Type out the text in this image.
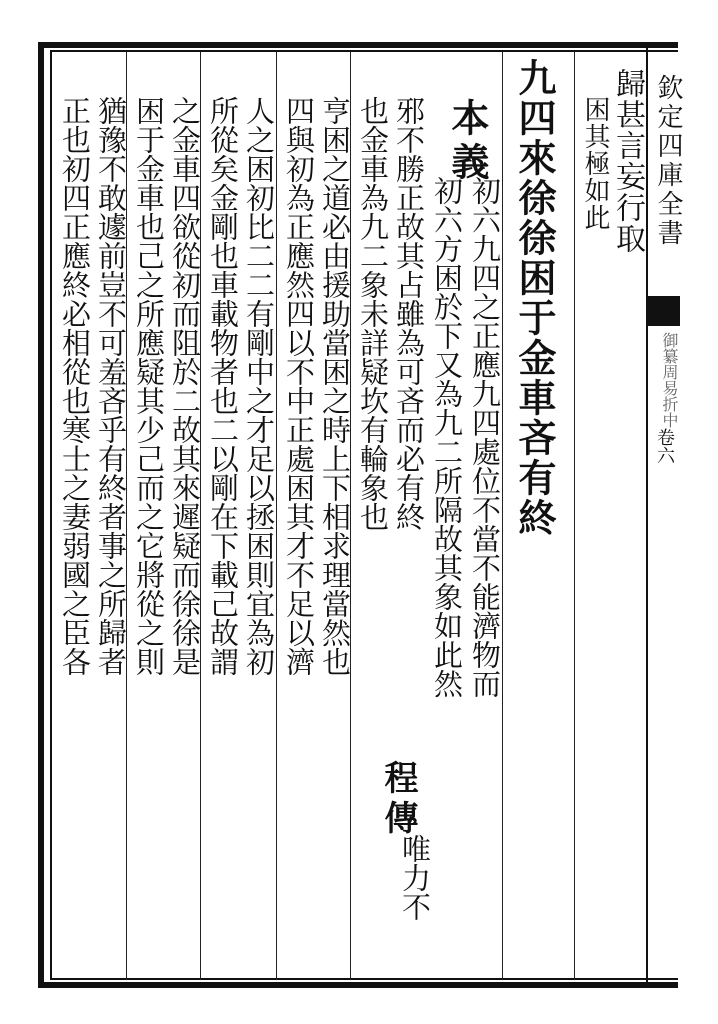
欽定四庫全書
御纂周易折中
卷六
歸甚言妄行取
困其極如此
九四來徐徐困于金車吝有終
初六九四之正應九四處位不當不能濟物而
初六方困於下又為九二所隔故其象如此然
邪不勝正故其占雖為可吝而必有終
也金車為九二象未詳疑坎有輪象也
亨困之道必由援助當困之時上下相求理當然也
四與初為正應然四以不中正處困其才不足以濟
人之困初比二二有剛中之才足以拯困則宜為初
所從矣金剛也車載物者也二以剛在下載己故謂
之金車四欲從初而阻於二故其來遲疑而徐徐是
困于金車也己之所應疑其少己而之它將從之則
猶豫不敢遽前豈不可羞吝乎有終者事之所歸者
正也初四正應終必相從也寒士之妻弱國之臣各	本義
程傳
唯力不
